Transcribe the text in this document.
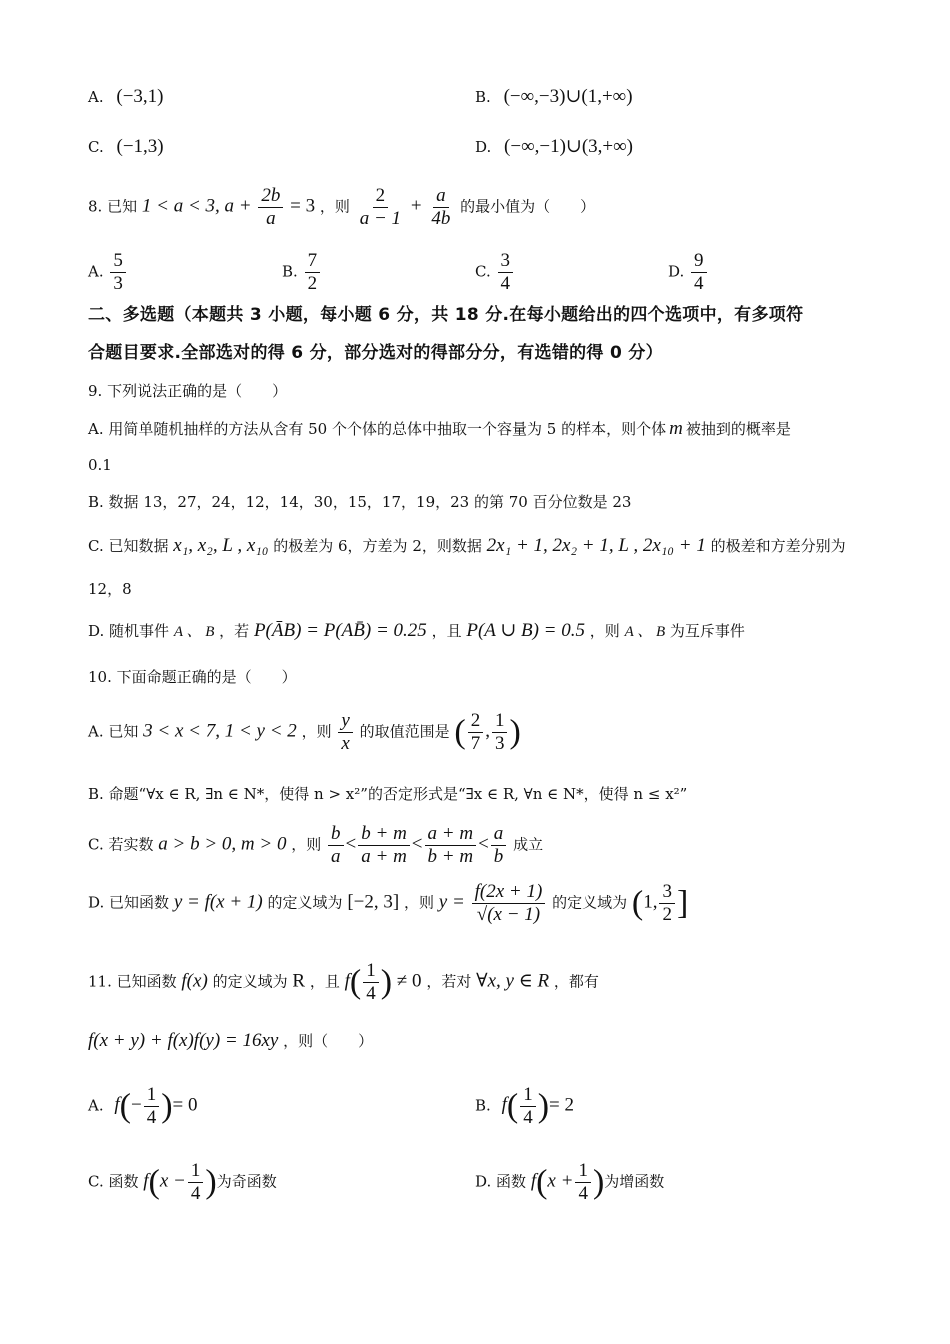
A. (−3,1)	B. (−∞,−3)∪(1,+∞)
C. (−1,3)	D. (−∞,−1)∪(3,+∞)
8. 已知 1 < a < 3, $a + \frac{2b}{a} = 3$ ，则 $\frac{2}{a - 1} + \frac{a}{4b}$ 的最小值为（　　）
A. $\frac{5}{3}$	B. $\frac{7}{2}$	C. $\frac{3}{4}$	D. $\frac{9}{4}$
二、多选题（本题共 3 小题，每小题 6 分，共 18 分.在每小题给出的四个选项中，有多项符
合题目要求.全部选对的得 6 分，部分选对的得部分分，有选错的得 0 分）
9. 下列说法正确的是（　　）
A. 用简单随机抽样的方法从含有 50 个个体的总体中抽取一个容量为 5 的样本，则个体 m 被抽到的概率是
0.1
B. 数据 13，27，24，12，14，30，15，17，19，23 的第 70 百分位数是 23
C. 已知数据 x₁, x₂, L , x₁₀ 的极差为 6，方差为 2，则数据 2x₁ + 1, 2x₂ + 1, L , 2x₁₀ + 1 的极差和方差分别为
12，8
D. 随机事件 A 、 B ，若 P(ĀB) = P(AB̄) = 0.25 ，且 P(A ∪ B) = 0.5 ，则 A 、 B 为互斥事件
10. 下面命题正确的是（　　）
A. 已知 3 < x < 7, 1 < y < 2 ，则 $\frac{y}{x}$ 的取值范围是 ( $\frac{2}{7}$ , $\frac{1}{3}$ )
B. 命题“∀x ∈ R, ∃n ∈ N*，使得 n > x²”的否定形式是“∃x ∈ R, ∀n ∈ N*，使得 n ≤ x²”
C. 若实数 a > b > 0, m > 0 ，则 $\frac{b}{a} < \frac{b + m}{a + m} < \frac{a + m}{b + m} < \frac{a}{b}$ 成立
D. 已知函数 y = f(x + 1) 的定义域为 [−2, 3] ，则 $y = \frac{f(2x + 1)}{√(x - 1)}$ 的定义域为 (1, $\frac{3}{2}$ ]
11. 已知函数 f(x) 的定义域为 R ，且 $f( \frac{1}{4}$ ) ≠ 0 ，若对 ∀x, y ∈ R ，都有
f(x + y) + f(x)f(y) = 16xy ，则（　　）
A. $f(- \frac{1}{4}$ )= 0	B. $f( \frac{1}{4}$ )= 2
C. 函数 $f(x - \frac{1}{4}$ )为奇函数	D. 函数 $f(x + \frac{1}{4}$ )为增函数
